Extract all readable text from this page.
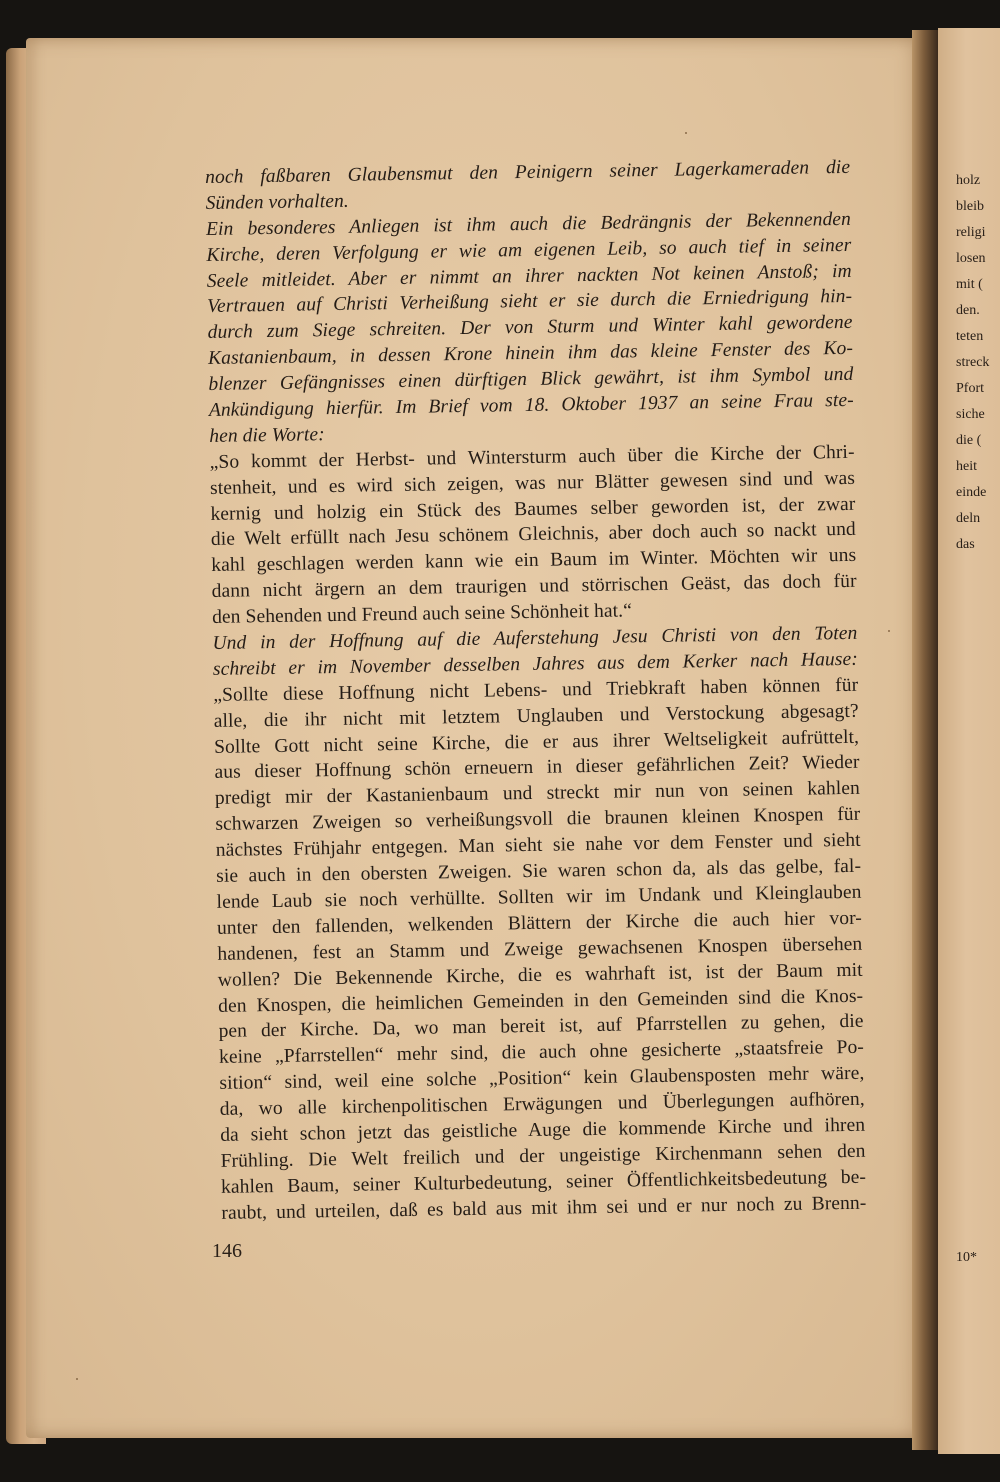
holz
bleib
religi
losen
mit (
den.
teten
streck
Pfort
siche
die (
heit
einde
deln
das
10*
noch faßbaren Glaubensmut den Peinigern seiner Lagerkameraden die
Sünden vorhalten.
Ein besonderes Anliegen ist ihm auch die Bedrängnis der Bekennenden
Kirche, deren Verfolgung er wie am eigenen Leib, so auch tief in seiner
Seele mitleidet. Aber er nimmt an ihrer nackten Not keinen Anstoß; im
Vertrauen auf Christi Verheißung sieht er sie durch die Erniedrigung hin-
durch zum Siege schreiten. Der von Sturm und Winter kahl gewordene
Kastanienbaum, in dessen Krone hinein ihm das kleine Fenster des Ko-
blenzer Gefängnisses einen dürftigen Blick gewährt, ist ihm Symbol und
Ankündigung hierfür. Im Brief vom 18. Oktober 1937 an seine Frau ste-
hen die Worte:
„So kommt der Herbst- und Wintersturm auch über die Kirche der Chri-
stenheit, und es wird sich zeigen, was nur Blätter gewesen sind und was
kernig und holzig ein Stück des Baumes selber geworden ist, der zwar
die Welt erfüllt nach Jesu schönem Gleichnis, aber doch auch so nackt und
kahl geschlagen werden kann wie ein Baum im Winter. Möchten wir uns
dann nicht ärgern an dem traurigen und störrischen Geäst, das doch für
den Sehenden und Freund auch seine Schönheit hat.“
Und in der Hoffnung auf die Auferstehung Jesu Christi von den Toten
schreibt er im November desselben Jahres aus dem Kerker nach Hause:
„Sollte diese Hoffnung nicht Lebens- und Triebkraft haben können für
alle, die ihr nicht mit letztem Unglauben und Verstockung abgesagt?
Sollte Gott nicht seine Kirche, die er aus ihrer Weltseligkeit aufrüttelt,
aus dieser Hoffnung schön erneuern in dieser gefährlichen Zeit? Wieder
predigt mir der Kastanienbaum und streckt mir nun von seinen kahlen
schwarzen Zweigen so verheißungsvoll die braunen kleinen Knospen für
nächstes Frühjahr entgegen. Man sieht sie nahe vor dem Fenster und sieht
sie auch in den obersten Zweigen. Sie waren schon da, als das gelbe, fal-
lende Laub sie noch verhüllte. Sollten wir im Undank und Kleinglauben
unter den fallenden, welkenden Blättern der Kirche die auch hier vor-
handenen, fest an Stamm und Zweige gewachsenen Knospen übersehen
wollen? Die Bekennende Kirche, die es wahrhaft ist, ist der Baum mit
den Knospen, die heimlichen Gemeinden in den Gemeinden sind die Knos-
pen der Kirche. Da, wo man bereit ist, auf Pfarrstellen zu gehen, die
keine „Pfarrstellen“ mehr sind, die auch ohne gesicherte „staatsfreie Po-
sition“ sind, weil eine solche „Position“ kein Glaubensposten mehr wäre,
da, wo alle kirchenpolitischen Erwägungen und Überlegungen aufhören,
da sieht schon jetzt das geistliche Auge die kommende Kirche und ihren
Frühling. Die Welt freilich und der ungeistige Kirchenmann sehen den
kahlen Baum, seiner Kulturbedeutung, seiner Öffentlichkeitsbedeutung be-
raubt, und urteilen, daß es bald aus mit ihm sei und er nur noch zu Brenn-
146
